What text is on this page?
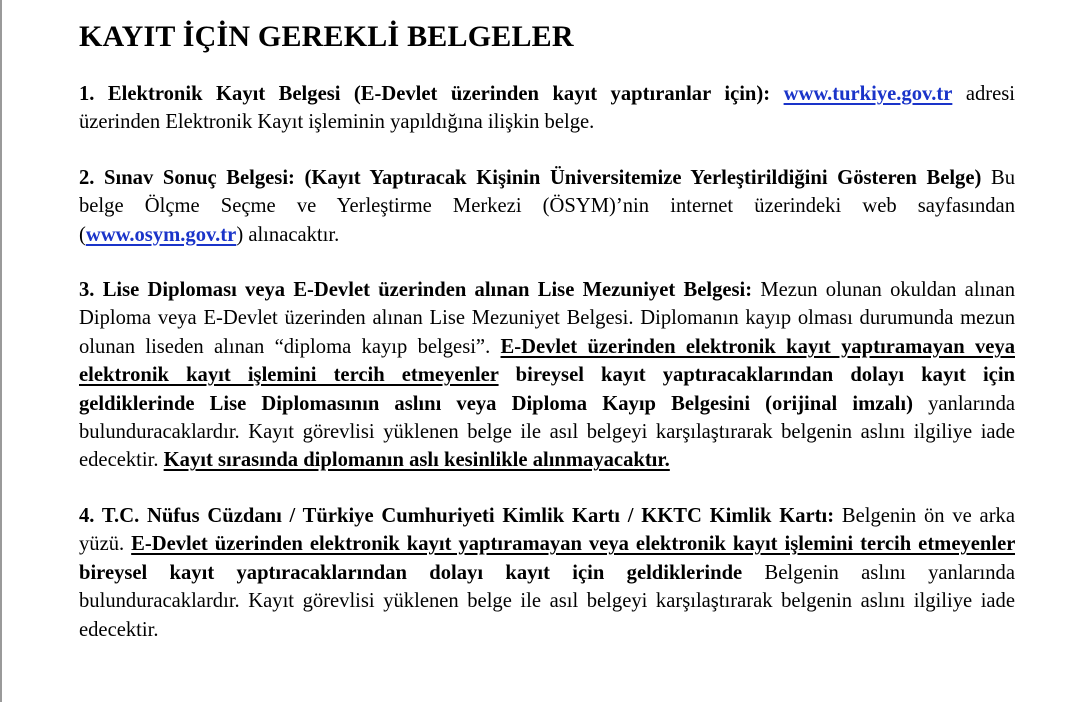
KAYIT İÇİN GEREKLİ BELGELER

1. Elektronik Kayıt Belgesi (E-Devlet üzerinden kayıt yaptıranlar için): www.turkiye.gov.tr adresi üzerinden Elektronik Kayıt işleminin yapıldığına ilişkin belge.

2. Sınav Sonuç Belgesi: (Kayıt Yaptıracak Kişinin Üniversitemize Yerleştirildiğini Gösteren Belge) Bu belge Ölçme Seçme ve Yerleştirme Merkezi (ÖSYM)’nin internet üzerindeki web sayfasından (www.osym.gov.tr) alınacaktır.

3. Lise Diploması veya E-Devlet üzerinden alınan Lise Mezuniyet Belgesi: Mezun olunan okuldan alınan Diploma veya E-Devlet üzerinden alınan Lise Mezuniyet Belgesi. Diplomanın kayıp olması durumunda mezun olunan liseden alınan “diploma kayıp belgesi”. E-Devlet üzerinden elektronik kayıt yaptıramayan veya elektronik kayıt işlemini tercih etmeyenler bireysel kayıt yaptıracaklarından dolayı kayıt için geldiklerinde Lise Diplomasının aslını veya Diploma Kayıp Belgesini (orijinal imzalı) yanlarında bulunduracaklardır. Kayıt görevlisi yüklenen belge ile asıl belgeyi karşılaştırarak belgenin aslını ilgiliye iade edecektir. Kayıt sırasında diplomanın aslı kesinlikle alınmayacaktır.

4. T.C. Nüfus Cüzdanı / Türkiye Cumhuriyeti Kimlik Kartı / KKTC Kimlik Kartı: Belgenin ön ve arka yüzü. E-Devlet üzerinden elektronik kayıt yaptıramayan veya elektronik kayıt işlemini tercih etmeyenler bireysel kayıt yaptıracaklarından dolayı kayıt için geldiklerinde Belgenin aslını yanlarında bulunduracaklardır. Kayıt görevlisi yüklenen belge ile asıl belgeyi karşılaştırarak belgenin aslını ilgiliye iade edecektir.
